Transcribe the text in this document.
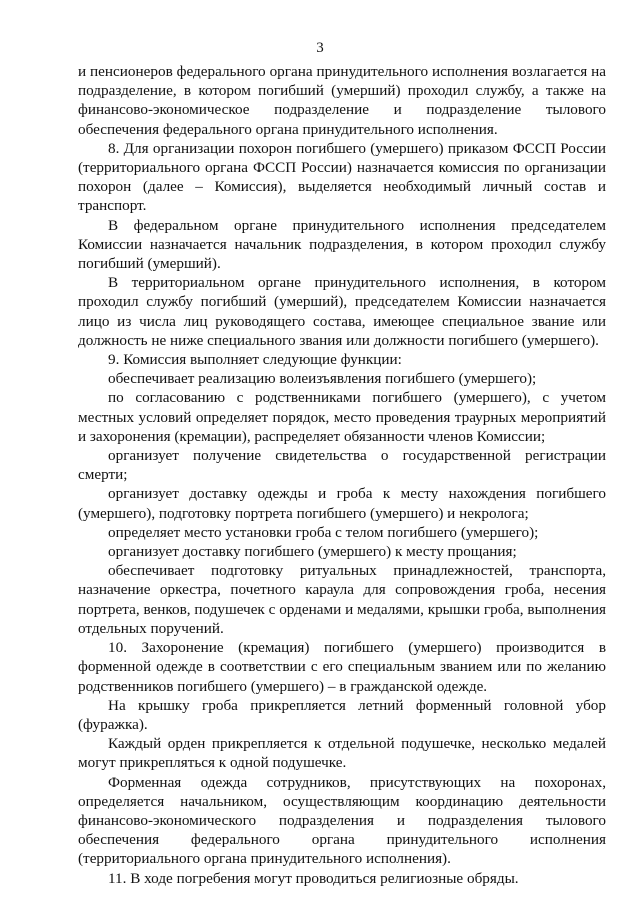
3

и пенсионеров федерального органа принудительного исполнения возлагается на подразделение, в котором погибший (умерший) проходил службу, а также на финансово-экономическое подразделение и подразделение тылового обеспечения федерального органа принудительного исполнения.

8. Для организации похорон погибшего (умершего) приказом ФССП России (территориального органа ФССП России) назначается комиссия по организации похорон (далее – Комиссия), выделяется необходимый личный состав и транспорт.

В федеральном органе принудительного исполнения председателем Комиссии назначается начальник подразделения, в котором проходил службу погибший (умерший).

В территориальном органе принудительного исполнения, в котором проходил службу погибший (умерший), председателем Комиссии назначается лицо из числа лиц руководящего состава, имеющее специальное звание или должность не ниже специального звания или должности погибшего (умершего).

9. Комиссия выполняет следующие функции:

обеспечивает реализацию волеизъявления погибшего (умершего);

по согласованию с родственниками погибшего (умершего), с учетом местных условий определяет порядок, место проведения траурных мероприятий и захоронения (кремации), распределяет обязанности членов Комиссии;

организует получение свидетельства о государственной регистрации смерти;

организует доставку одежды и гроба к месту нахождения погибшего (умершего), подготовку портрета погибшего (умершего) и некролога;

определяет место установки гроба с телом погибшего (умершего);

организует доставку погибшего (умершего) к месту прощания;

обеспечивает подготовку ритуальных принадлежностей, транспорта, назначение оркестра, почетного караула для сопровождения гроба, несения портрета, венков, подушечек с орденами и медалями, крышки гроба, выполнения отдельных поручений.

10. Захоронение (кремация) погибшего (умершего) производится в форменной одежде в соответствии с его специальным званием или по желанию родственников погибшего (умершего) – в гражданской одежде.

На крышку гроба прикрепляется летний форменный головной убор (фуражка).

Каждый орден прикрепляется к отдельной подушечке, несколько медалей могут прикрепляться к одной подушечке.

Форменная одежда сотрудников, присутствующих на похоронах, определяется начальником, осуществляющим координацию деятельности финансово-экономического подразделения и подразделения тылового обеспечения федерального органа принудительного исполнения (территориального органа принудительного исполнения).

11. В ходе погребения могут проводиться религиозные обряды.
